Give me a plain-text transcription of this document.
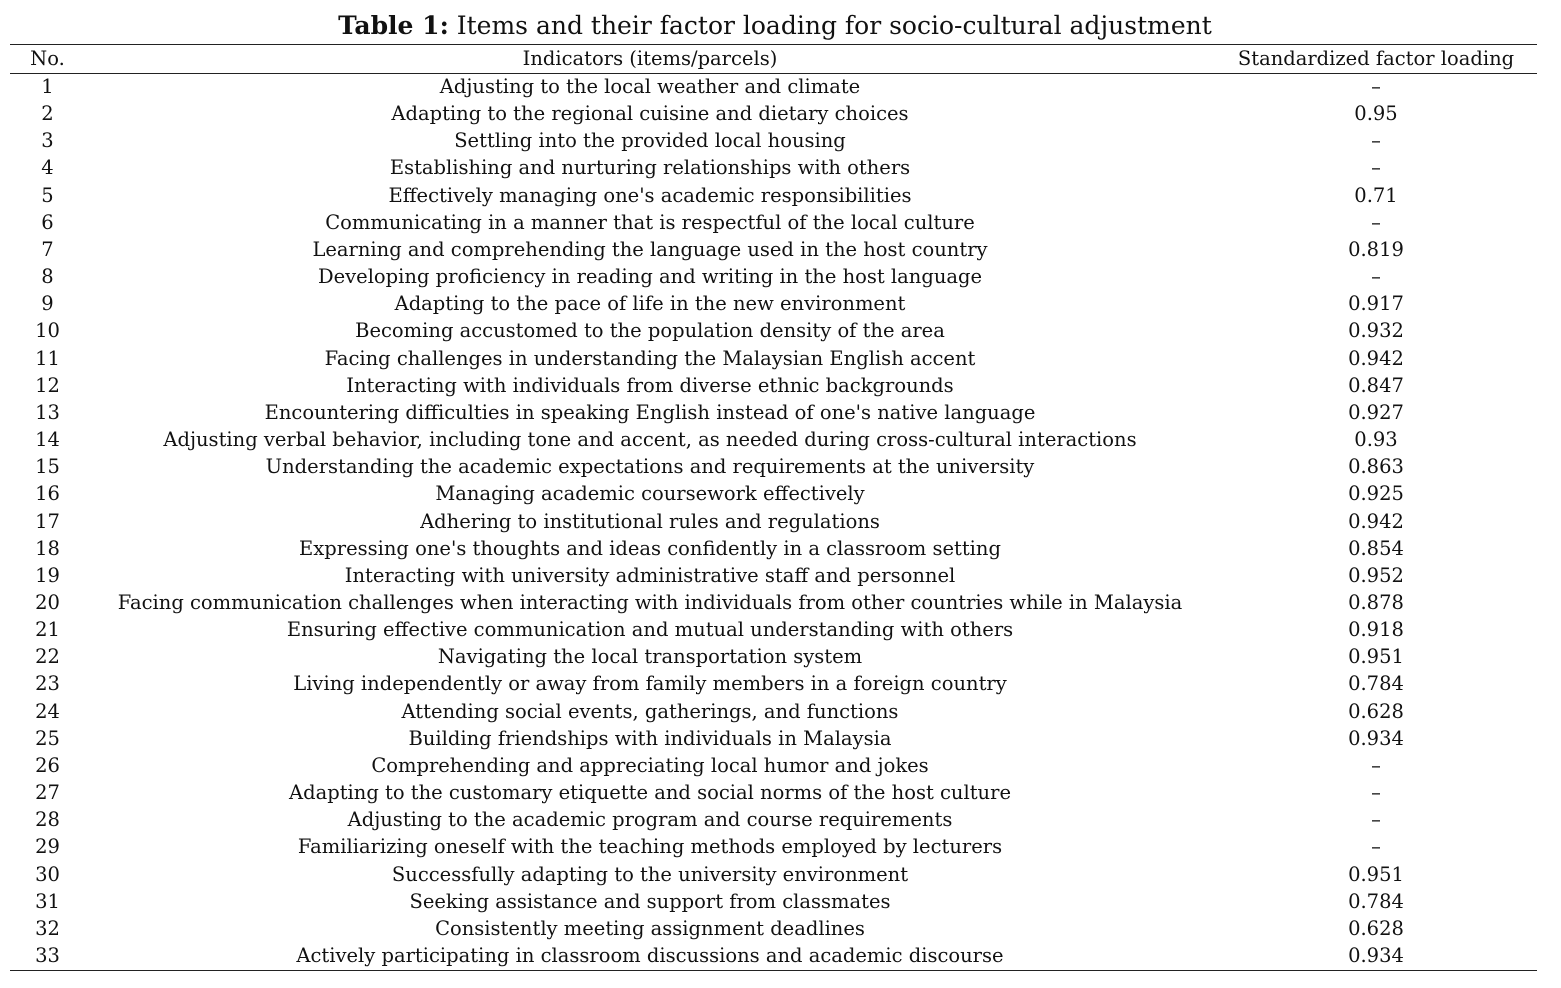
Table 1: Items and their factor loading for socio-cultural adjustment
No.	Indicators (items/parcels)	Standardized factor loading
1	Adjusting to the local weather and climate	–
2	Adapting to the regional cuisine and dietary choices	0.95
3	Settling into the provided local housing	–
4	Establishing and nurturing relationships with others	–
5	Effectively managing one's academic responsibilities	0.71
6	Communicating in a manner that is respectful of the local culture	–
7	Learning and comprehending the language used in the host country	0.819
8	Developing proficiency in reading and writing in the host language	–
9	Adapting to the pace of life in the new environment	0.917
10	Becoming accustomed to the population density of the area	0.932
11	Facing challenges in understanding the Malaysian English accent	0.942
12	Interacting with individuals from diverse ethnic backgrounds	0.847
13	Encountering difficulties in speaking English instead of one's native language	0.927
14	Adjusting verbal behavior, including tone and accent, as needed during cross-cultural interactions	0.93
15	Understanding the academic expectations and requirements at the university	0.863
16	Managing academic coursework effectively	0.925
17	Adhering to institutional rules and regulations	0.942
18	Expressing one's thoughts and ideas confidently in a classroom setting	0.854
19	Interacting with university administrative staff and personnel	0.952
20	Facing communication challenges when interacting with individuals from other countries while in Malaysia	0.878
21	Ensuring effective communication and mutual understanding with others	0.918
22	Navigating the local transportation system	0.951
23	Living independently or away from family members in a foreign country	0.784
24	Attending social events, gatherings, and functions	0.628
25	Building friendships with individuals in Malaysia	0.934
26	Comprehending and appreciating local humor and jokes	–
27	Adapting to the customary etiquette and social norms of the host culture	–
28	Adjusting to the academic program and course requirements	–
29	Familiarizing oneself with the teaching methods employed by lecturers	–
30	Successfully adapting to the university environment	0.951
31	Seeking assistance and support from classmates	0.784
32	Consistently meeting assignment deadlines	0.628
33	Actively participating in classroom discussions and academic discourse	0.934
